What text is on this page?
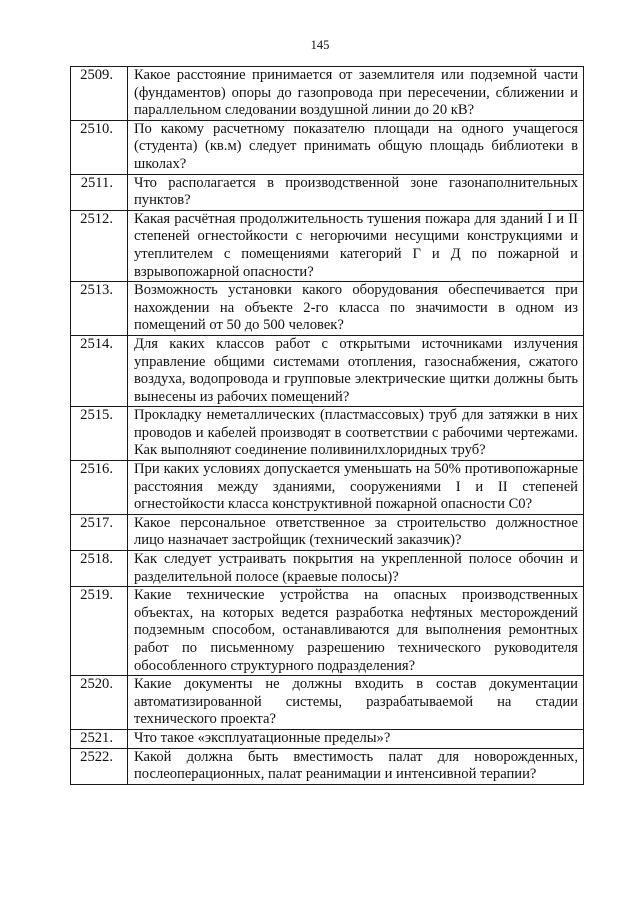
145
2509.	Какое расстояние принимается от заземлителя или подземной части (фундаментов) опоры до газопровода при пересечении, сближении и параллельном следовании воздушной линии до 20 кВ?
2510.	По какому расчетному показателю площади на одного учащегося (студента) (кв.м) следует принимать общую площадь библиотеки в школах?
2511.	Что располагается в производственной зоне газонаполнительных пунктов?
2512.	Какая расчётная продолжительность тушения пожара для зданий I и II степеней огнестойкости с негорючими несущими конструкциями и утеплителем с помещениями категорий Г и Д по пожарной и взрывопожарной опасности?
2513.	Возможность установки какого оборудования обеспечивается при нахождении на объекте 2-го класса по значимости в одном из помещений от 50 до 500 человек?
2514.	Для каких классов работ с открытыми источниками излучения управление общими системами отопления, газоснабжения, сжатого воздуха, водопровода и групповые электрические щитки должны быть вынесены из рабочих помещений?
2515.	Прокладку неметаллических (пластмассовых) труб для затяжки в них проводов и кабелей производят в соответствии с рабочими чертежами. Как выполняют соединение поливинилхлоридных труб?
2516.	При каких условиях допускается уменьшать на 50% противопожарные расстояния между зданиями, сооружениями I и II степеней огнестойкости класса конструктивной пожарной опасности С0?
2517.	Какое персональное ответственное за строительство должностное лицо назначает застройщик (технический заказчик)?
2518.	Как следует устраивать покрытия на укрепленной полосе обочин и разделительной полосе (краевые полосы)?
2519.	Какие технические устройства на опасных производственных объектах, на которых ведется разработка нефтяных месторождений подземным способом, останавливаются для выполнения ремонтных работ по письменному разрешению технического руководителя обособленного структурного подразделения?
2520.	Какие документы не должны входить в состав документации автоматизированной системы, разрабатываемой на стадии технического проекта?
2521.	Что такое «эксплуатационные пределы»?
2522.	Какой должна быть вместимость палат для новорожденных, послеоперационных, палат реанимации и интенсивной терапии?
